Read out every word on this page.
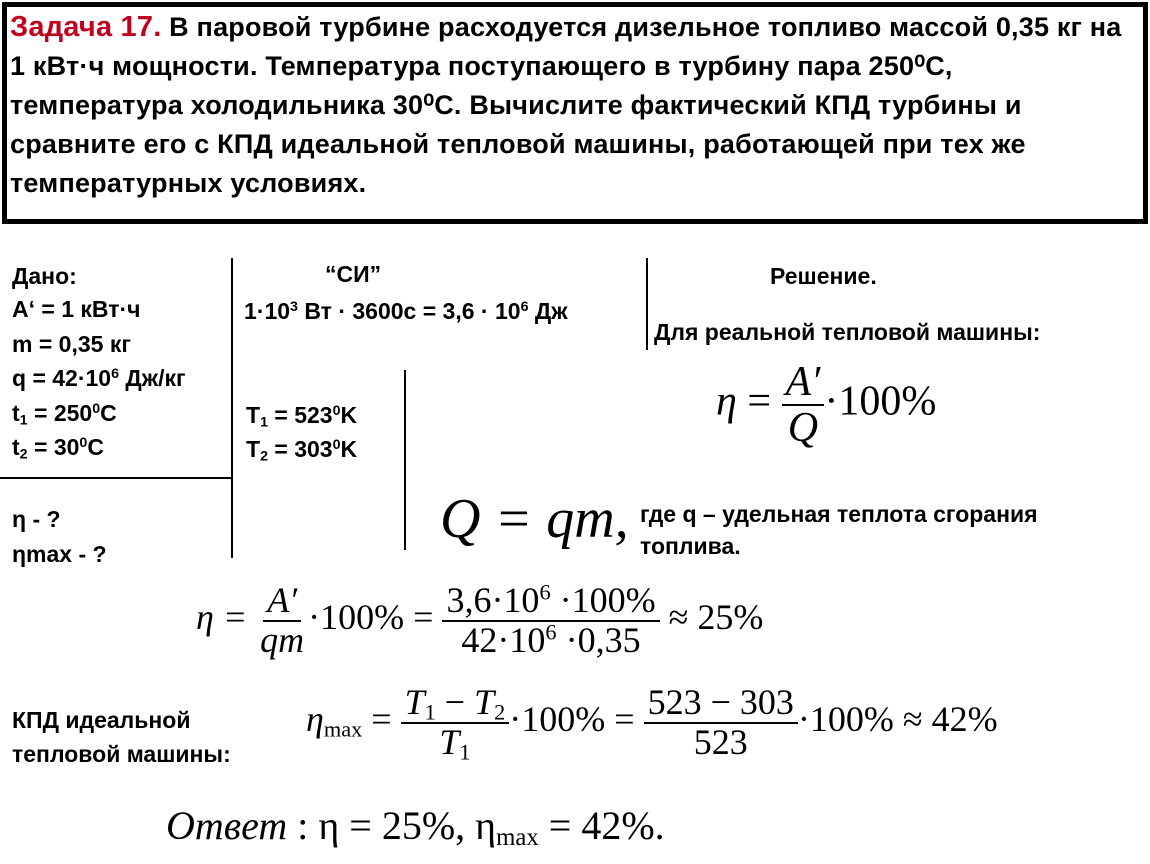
Задача 17. В паровой турбине расходуется дизельное топливо массой 0,35 кг на 1 кВт·ч мощности. Температура поступающего в турбину пара 250⁰С, температура холодильника 30⁰С. Вычислите фактический КПД турбины и сравните его с КПД идеальной тепловой машины, работающей при тех же температурных условиях.
Дано:
А‘ = 1 кВт·ч
m = 0,35 кг
$q = 42\cdot 10^6$ Дж/кг
$t_1 = 250^0С$
$t_2 = 30^0С$
η - ?
ηmax - ?
“СИ”
$1\cdot 10^3$ Вт · $3600с = 3,6 \cdot 10^6$ Дж
$T_1 = 523^0K$
$T_2 = 303^0K$
Решение.
Для реальной тепловой машины:
$\eta = \frac{A'}{Q} \cdot 100\%$
Q = qm, где q – удельная теплота сгорания
топлива.
$\eta = \frac{A'}{qm} \cdot 100\% = \frac{3,6\cdot 10^6 \cdot 100\%}{42\cdot 10^6 \cdot 0,35} \approx 25\%$
КПД идеальной
тепловой машины:
$\eta_{max} = \frac{T_1 - T_2}{T_1} \cdot 100\% = \frac{523 - 303}{523} \cdot 100\% \approx 42\%$
Ответ : η = 25%, $\eta_{max} = 42\%$.
